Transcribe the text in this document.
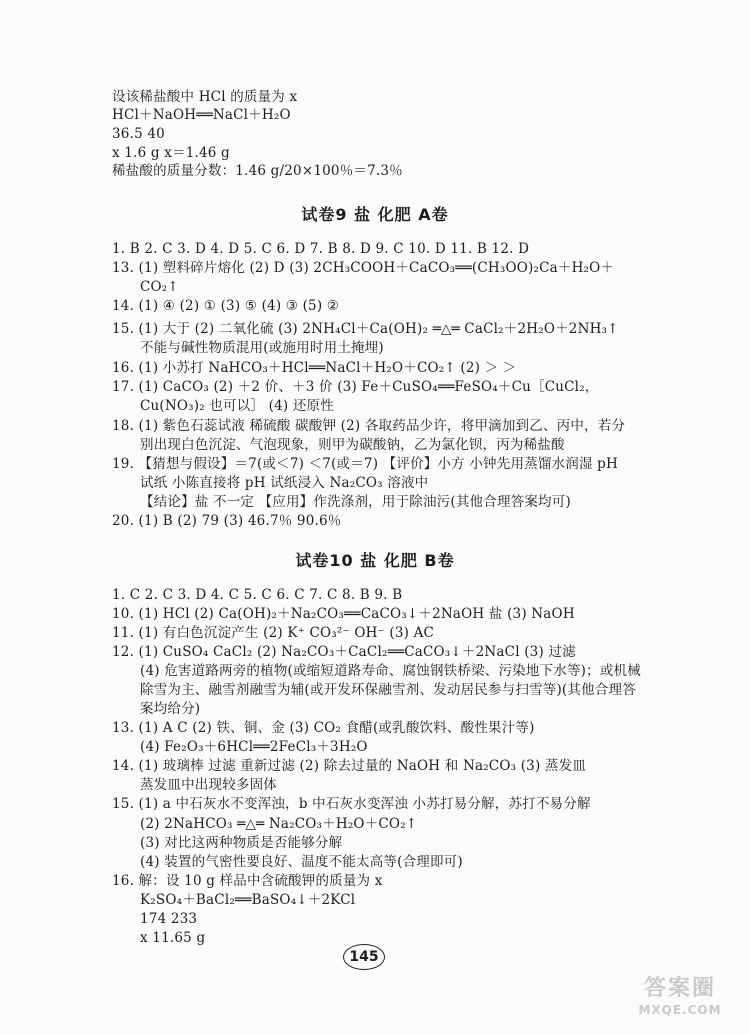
设该稀盐酸中 HCl 的质量为 x
HCl＋NaOH══NaCl＋H₂O
36.5 40
x 1.6 g x＝1.46 g
稀盐酸的质量分数：1.46 g/20×100％＝7.3％
试卷9 盐 化肥 A卷
1. B 2. C 3. D 4. D 5. C 6. D 7. B 8. D 9. C 10. D 11. B 12. D
13. (1) 塑料碎片熔化 (2) D (3) 2CH₃COOH＋CaCO₃══(CH₃OO)₂Ca＋H₂O＋
CO₂↑
14. (1) ④ (2) ① (3) ⑤ (4) ③ (5) ②
15. (1) 大于 (2) 二氧化硫 (3) 2NH₄Cl＋Ca(OH)₂ ═△═ CaCl₂＋2H₂O＋2NH₃↑
不能与碱性物质混用(或施用时用土掩埋)
16. (1) 小苏打 NaHCO₃＋HCl══NaCl＋H₂O＋CO₂↑ (2) ＞ ＞
17. (1) CaCO₃ (2) ＋2 价、＋3 价 (3) Fe＋CuSO₄══FeSO₄＋Cu［CuCl₂，
Cu(NO₃)₂ 也可以］ (4) 还原性
18. (1) 紫色石蕊试液 稀硫酸 碳酸钾 (2) 各取药品少许，将甲滴加到乙、丙中，若分
别出现白色沉淀、气泡现象，则甲为碳酸钠，乙为氯化钡，丙为稀盐酸
19. 【猜想与假设】＝7(或＜7) ＜7(或＝7) 【评价】小方 小钟先用蒸馏水润湿 pH
试纸 小陈直接将 pH 试纸浸入 Na₂CO₃ 溶液中
【结论】盐 不一定 【应用】作洗涤剂，用于除油污(其他合理答案均可)
20. (1) B (2) 79 (3) 46.7％ 90.6％
试卷10 盐 化肥 B卷
1. C 2. C 3. D 4. C 5. C 6. C 7. C 8. B 9. B
10. (1) HCl (2) Ca(OH)₂＋Na₂CO₃══CaCO₃↓＋2NaOH 盐 (3) NaOH
11. (1) 有白色沉淀产生 (2) K⁺ CO₃²⁻ OH⁻ (3) AC
12. (1) CuSO₄ CaCl₂ (2) Na₂CO₃＋CaCl₂══CaCO₃↓＋2NaCl (3) 过滤
(4) 危害道路两旁的植物(或缩短道路寿命、腐蚀钢铁桥梁、污染地下水等)；或机械
除雪为主、融雪剂融雪为辅(或开发环保融雪剂、发动居民参与扫雪等)(其他合理答
案均给分)
13. (1) A C (2) 铁、铜、金 (3) CO₂ 食醋(或乳酸饮料、酸性果汁等)
(4) Fe₂O₃＋6HCl══2FeCl₃＋3H₂O
14. (1) 玻璃棒 过滤 重新过滤 (2) 除去过量的 NaOH 和 Na₂CO₃ (3) 蒸发皿
蒸发皿中出现较多固体
15. (1) a 中石灰水不变浑浊，b 中石灰水变浑浊 小苏打易分解，苏打不易分解
(2) 2NaHCO₃ ═△═ Na₂CO₃＋H₂O＋CO₂↑
(3) 对比这两种物质是否能够分解
(4) 装置的气密性要良好、温度不能太高等(合理即可)
16. 解：设 10 g 样品中含硫酸钾的质量为 x
K₂SO₄＋BaCl₂══BaSO₄↓＋2KCl
174 233
x 11.65 g
145
答案圈
MXQE.COM
